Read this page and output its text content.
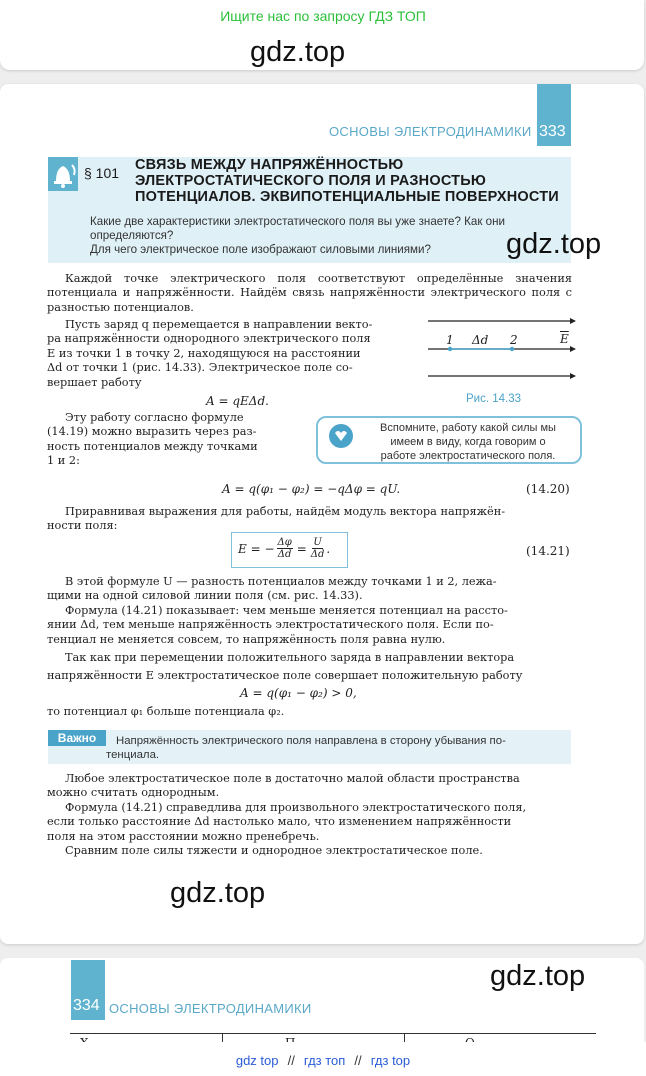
Ищите нас по запросу ГДЗ ТОП
gdz.top
333
ОСНОВЫ ЭЛЕКТРОДИНАМИКИ
§ 101 СВЯЗЬ МЕЖДУ НАПРЯЖЁННОСТЬЮ
ЭЛЕКТРОСТАТИЧЕСКОГО ПОЛЯ И РАЗНОСТЬЮ
ПОТЕНЦИАЛОВ. ЭКВИПОТЕНЦИАЛЬНЫЕ ПОВЕРХНОСТИ
Какие две характеристики электростатического поля вы уже знаете? Как они
определяются?
Для чего электрическое поле изображают силовыми линиями?	gdz.top
Каждой точке электрического поля соответствуют определённые значения потенциала и напряжённости. Найдём связь напряжённости электрического поля с разностью потенциалов.
Пусть заряд q перемещается в направлении векто-
ра напряжённости однородного электрического поля
E из точки 1 в точку 2, находящуюся на расстоянии
Δd от точки 1 (рис. 14.33). Электрическое поле со-
вершает работу
A = qEΔd.
1 Δd 2	$\overline{E}$
Рис. 14.33
Эту работу согласно формуле
(14.19) можно выразить через раз-
ность потенциалов между точками
1 и 2:
Вспомните, работу какой силы мы
имеем в виду, когда говорим о
работе электростатического поля.
A = q(φ₁ − φ₂) = −qΔφ = qU.	(14.20)
Приравнивая выражения для работы, найдём модуль вектора напряжён-
ности поля:
E = − $\frac{\Delta\varphi}{\Delta d} = \frac{U}{\Delta d}$ .	(14.21)
В этой формуле U — разность потенциалов между точками 1 и 2, лежа-
щими на одной силовой линии поля (см. рис. 14.33).
Формула (14.21) показывает: чем меньше меняется потенциал на рассто-
янии Δd, тем меньше напряжённость электростатического поля. Если по-
тенциал не меняется совсем, то напряжённость поля равна нулю.
Так как при перемещении положительного заряда в направлении вектора
напряжённости E электростатическое поле совершает положительную работу
A = q(φ₁ − φ₂) > 0,
то потенциал φ₁ больше потенциала φ₂.
Важно	Напряжённость электрического поля направлена в сторону убывания по-
тенциала.
Любое электростатическое поле в достаточно малой области пространства
можно считать однородным.
Формула (14.21) справедлива для произвольного электростатического поля,
если только расстояние Δd настолько мало, что изменением напряжённости
поля на этом расстоянии можно пренебречь.
Сравним поле силы тяжести и однородное электростатическое поле.
gdz.top
gdz.top
334 ОСНОВЫ ЭЛЕКТРОДИНАМИКИ
gdz top // гдз топ // гдз top
